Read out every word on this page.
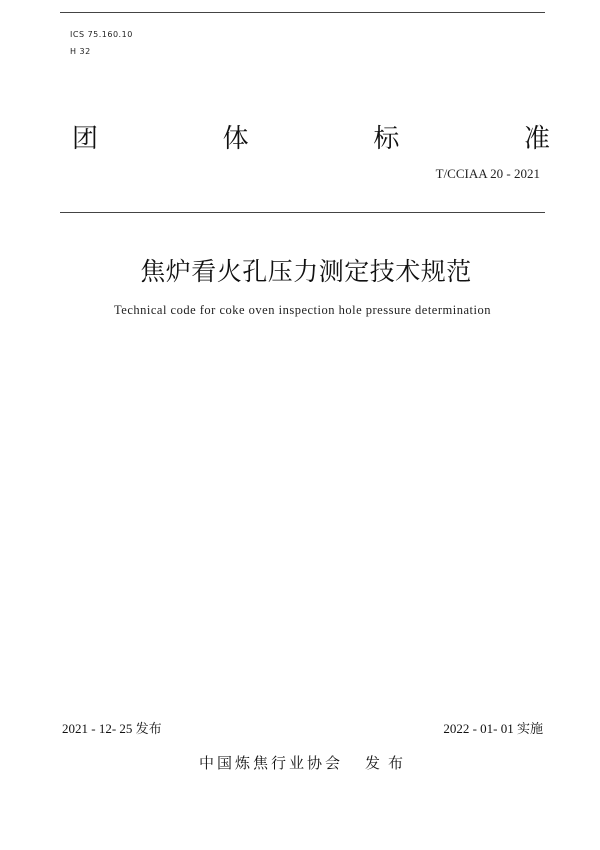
ICS 75.160.10
H 32
团	体	标	准
T/CCIAA 20 - 2021
焦炉看火孔压力测定技术规范
Technical code for coke oven inspection hole pressure determination
2021 - 12- 25 发布	2022 - 01- 01 实施
中国炼焦行业协会 发布
